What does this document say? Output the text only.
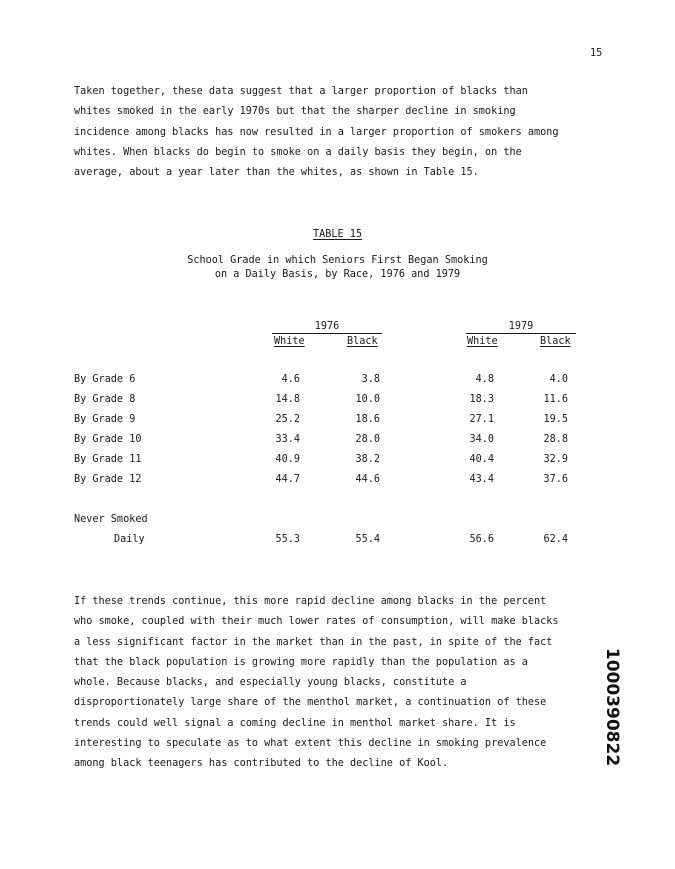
15

Taken together, these data suggest that a larger proportion of blacks than
whites smoked in the early 1970s but that the sharper decline in smoking
incidence among blacks has now resulted in a larger proportion of smokers among
whites. When blacks do begin to smoke on a daily basis they begin, on the
average, about a year later than the whites, as shown in Table 15.

TABLE 15
School Grade in which Seniors First Began Smoking
on a Daily Basis, by Race, 1976 and 1979
1976	1979
White	Black	White	Black
By Grade 6	4.6	3.8	4.8	4.0
By Grade 8	14.8	10.0	18.3	11.6
By Grade 9	25.2	18.6	27.1	19.5
By Grade 10	33.4	28.0	34.0	28.8
By Grade 11	40.9	38.2	40.4	32.9
By Grade 12	44.7	44.6	43.4	37.6
Never Smoked
Daily	55.3	55.4	56.6	62.4

If these trends continue, this more rapid decline among blacks in the percent
who smoke, coupled with their much lower rates of consumption, will make blacks
a less significant factor in the market than in the past, in spite of the fact
that the black population is growing more rapidly than the population as a
whole. Because blacks, and especially young blacks, constitute a
disproportionately large share of the menthol market, a continuation of these
trends could well signal a coming decline in menthol market share. It is
interesting to speculate as to what extent this decline in smoking prevalence
among black teenagers has contributed to the decline of Kool.	1000390822
